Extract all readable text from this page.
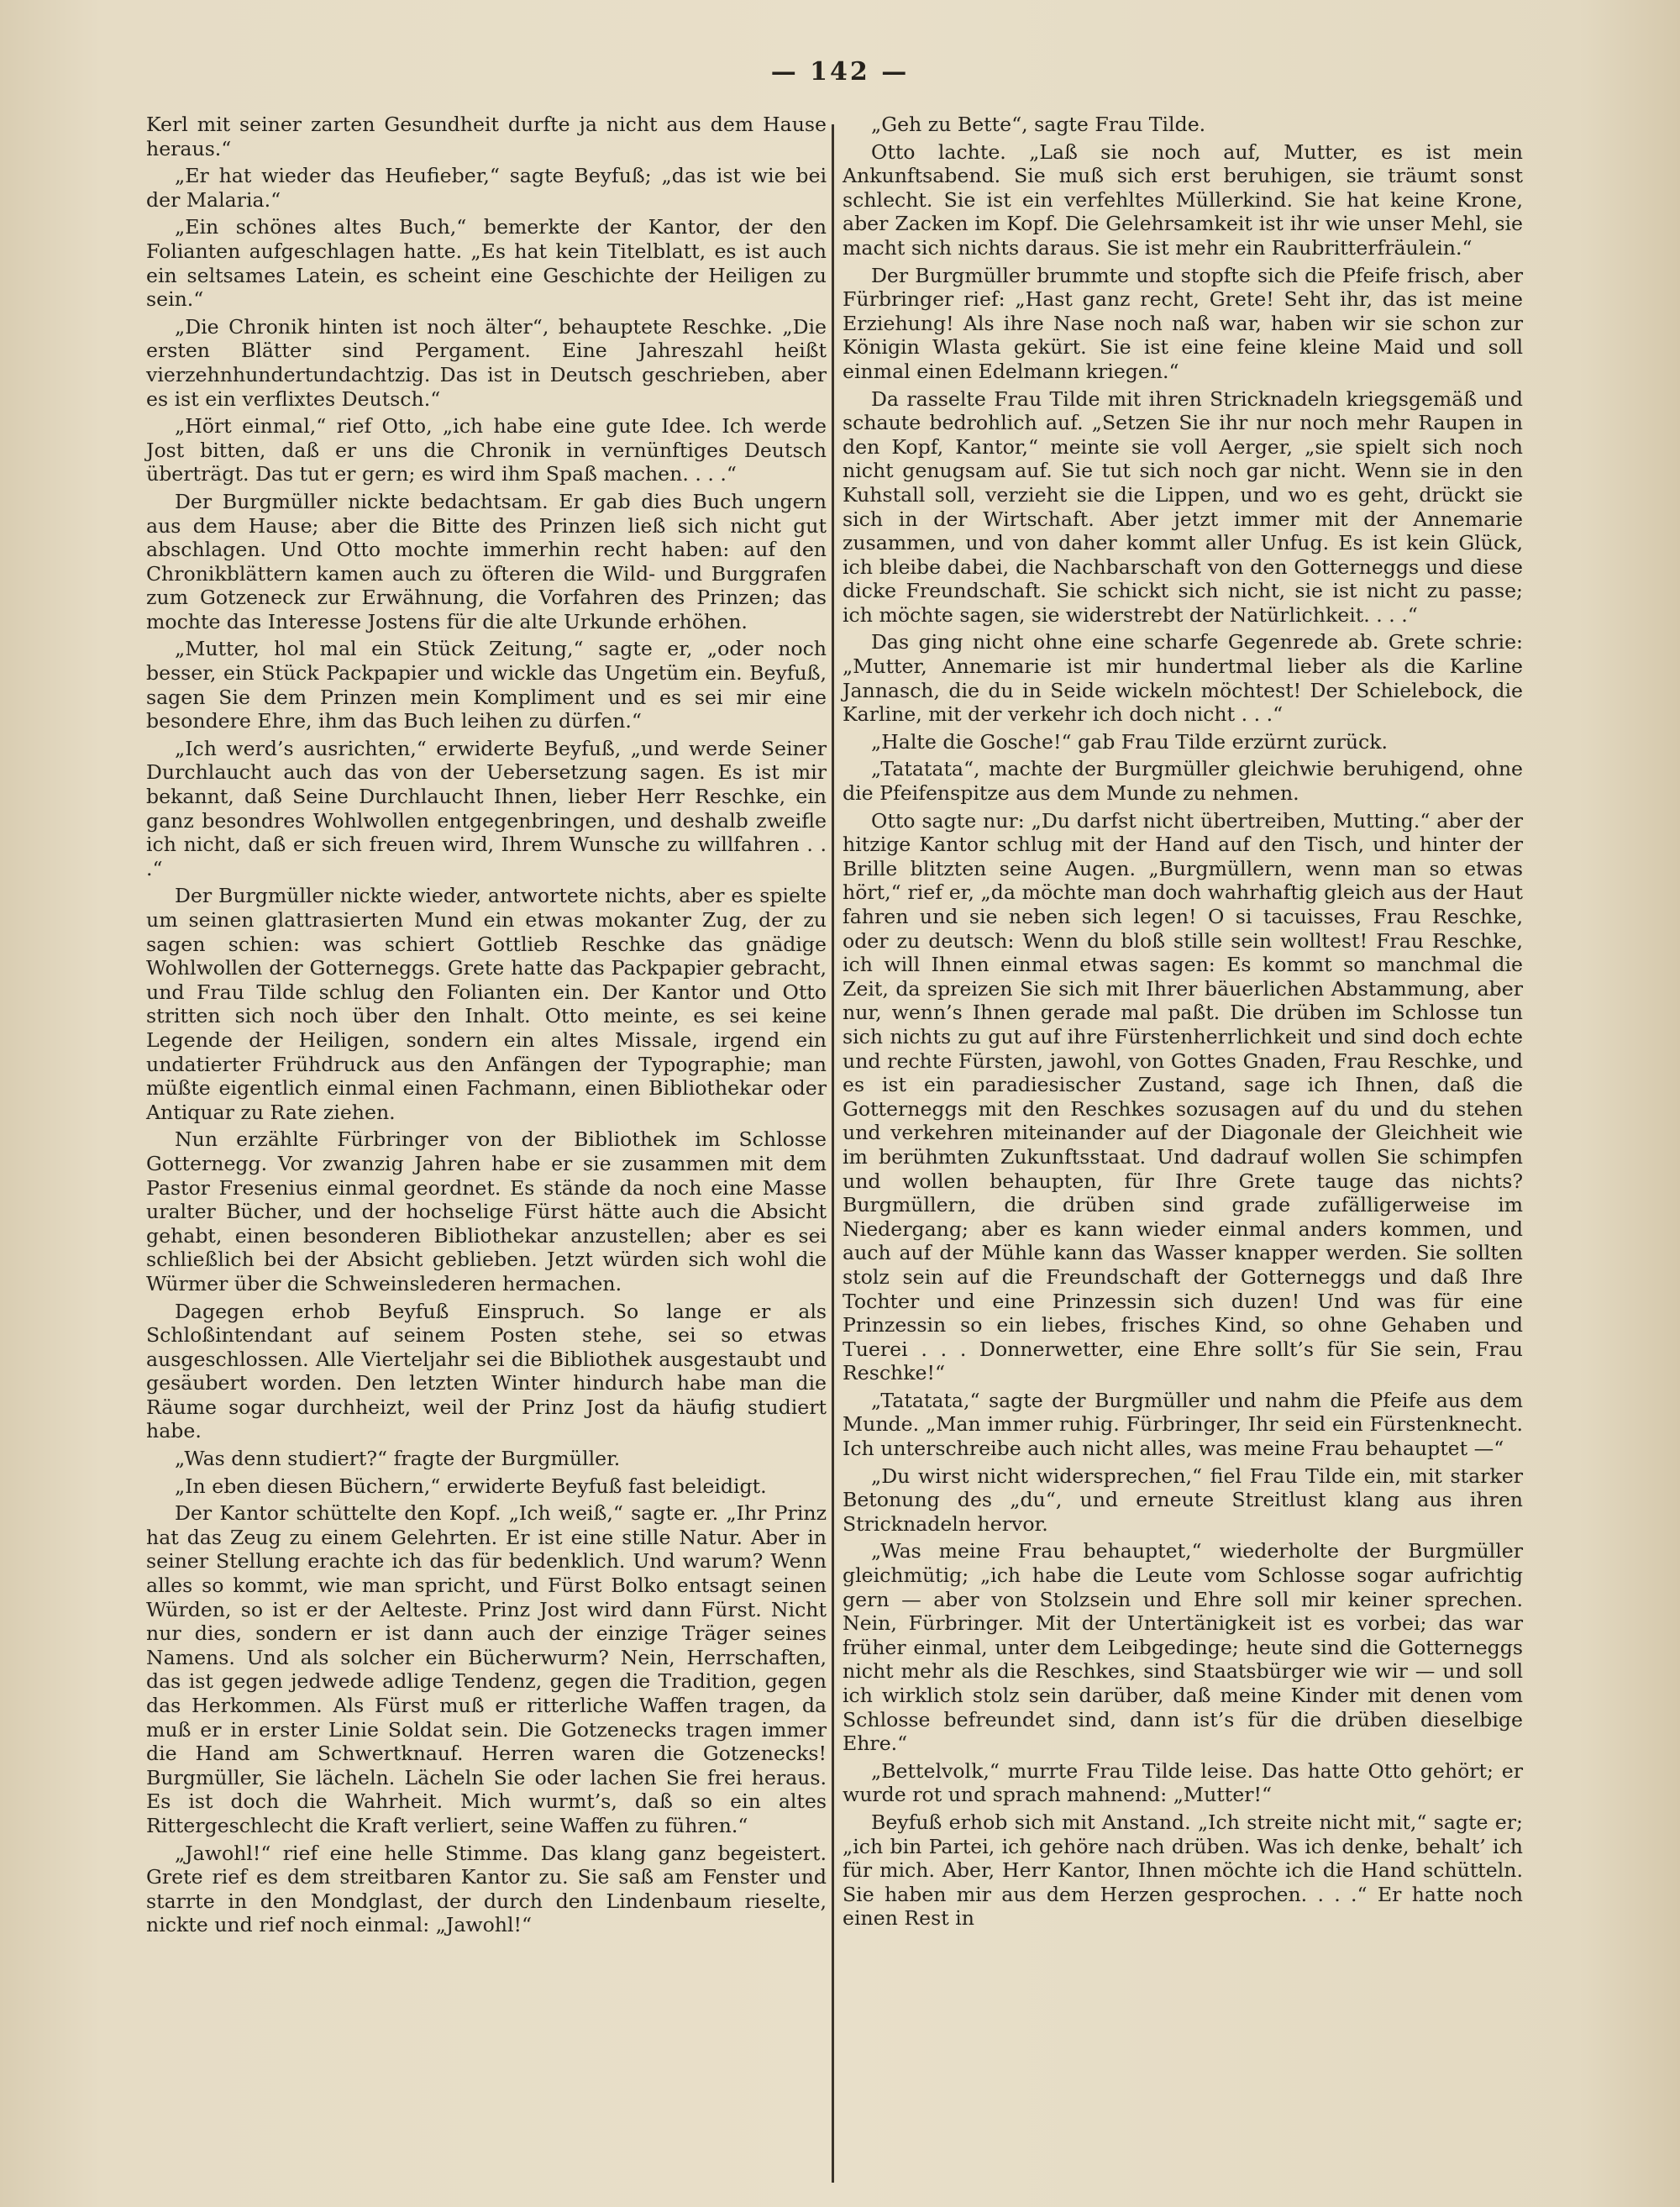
— 142 —

Kerl mit seiner zarten Gesundheit durfte ja nicht aus dem Hause heraus.“

„Er hat wieder das Heufieber,“ sagte Beyfuß; „das ist wie bei der Malaria.“

„Ein schönes altes Buch,“ bemerkte der Kantor, der den Folianten aufgeschlagen hatte. „Es hat kein Titelblatt, es ist auch ein seltsames Latein, es scheint eine Geschichte der Heiligen zu sein.“

„Die Chronik hinten ist noch älter“, behauptete Reschke. „Die ersten Blätter sind Pergament. Eine Jahreszahl heißt vierzehnhundertundachtzig. Das ist in Deutsch geschrieben, aber es ist ein verflixtes Deutsch.“

„Hört einmal,“ rief Otto, „ich habe eine gute Idee. Ich werde Jost bitten, daß er uns die Chronik in vernünftiges Deutsch überträgt. Das tut er gern; es wird ihm Spaß machen. . . .“

Der Burgmüller nickte bedachtsam. Er gab dies Buch ungern aus dem Hause; aber die Bitte des Prinzen ließ sich nicht gut abschlagen. Und Otto mochte immerhin recht haben: auf den Chronikblättern kamen auch zu öfteren die Wild- und Burggrafen zum Gotzeneck zur Erwähnung, die Vorfahren des Prinzen; das mochte das Interesse Jostens für die alte Urkunde erhöhen.

„Mutter, hol mal ein Stück Zeitung,“ sagte er, „oder noch besser, ein Stück Packpapier und wickle das Ungetüm ein. Beyfuß, sagen Sie dem Prinzen mein Kompliment und es sei mir eine besondere Ehre, ihm das Buch leihen zu dürfen.“

„Ich werd’s ausrichten,“ erwiderte Beyfuß, „und werde Seiner Durchlaucht auch das von der Uebersetzung sagen. Es ist mir bekannt, daß Seine Durchlaucht Ihnen, lieber Herr Reschke, ein ganz besondres Wohlwollen entgegenbringen, und deshalb zweifle ich nicht, daß er sich freuen wird, Ihrem Wunsche zu willfahren . . .“

Der Burgmüller nickte wieder, antwortete nichts, aber es spielte um seinen glattrasierten Mund ein etwas mokanter Zug, der zu sagen schien: was schiert Gottlieb Reschke das gnädige Wohlwollen der Gotterneggs. Grete hatte das Packpapier gebracht, und Frau Tilde schlug den Folianten ein. Der Kantor und Otto stritten sich noch über den Inhalt. Otto meinte, es sei keine Legende der Heiligen, sondern ein altes Missale, irgend ein undatierter Frühdruck aus den Anfängen der Typographie; man müßte eigentlich einmal einen Fachmann, einen Bibliothekar oder Antiquar zu Rate ziehen.

Nun erzählte Fürbringer von der Bibliothek im Schlosse Gotternegg. Vor zwanzig Jahren habe er sie zusammen mit dem Pastor Fresenius einmal geordnet. Es stände da noch eine Masse uralter Bücher, und der hochselige Fürst hätte auch die Absicht gehabt, einen besonderen Bibliothekar anzustellen; aber es sei schließlich bei der Absicht geblieben. Jetzt würden sich wohl die Würmer über die Schweinslederen hermachen.

Dagegen erhob Beyfuß Einspruch. So lange er als Schloßintendant auf seinem Posten stehe, sei so etwas ausgeschlossen. Alle Vierteljahr sei die Bibliothek ausgestaubt und gesäubert worden. Den letzten Winter hindurch habe man die Räume sogar durchheizt, weil der Prinz Jost da häufig studiert habe.

„Was denn studiert?“ fragte der Burgmüller.

„In eben diesen Büchern,“ erwiderte Beyfuß fast beleidigt.

Der Kantor schüttelte den Kopf. „Ich weiß,“ sagte er. „Ihr Prinz hat das Zeug zu einem Gelehrten. Er ist eine stille Natur. Aber in seiner Stellung erachte ich das für bedenklich. Und warum? Wenn alles so kommt, wie man spricht, und Fürst Bolko entsagt seinen Würden, so ist er der Aelteste. Prinz Jost wird dann Fürst. Nicht nur dies, sondern er ist dann auch der einzige Träger seines Namens. Und als solcher ein Bücherwurm? Nein, Herrschaften, das ist gegen jedwede adlige Tendenz, gegen die Tradition, gegen das Herkommen. Als Fürst muß er ritterliche Waffen tragen, da muß er in erster Linie Soldat sein. Die Gotzenecks tragen immer die Hand am Schwertknauf. Herren waren die Gotzenecks! Burgmüller, Sie lächeln. Lächeln Sie oder lachen Sie frei heraus. Es ist doch die Wahrheit. Mich wurmt’s, daß so ein altes Rittergeschlecht die Kraft verliert, seine Waffen zu führen.“

„Jawohl!“ rief eine helle Stimme. Das klang ganz begeistert. Grete rief es dem streitbaren Kantor zu. Sie saß am Fenster und starrte in den Mondglast, der durch den Lindenbaum rieselte, nickte und rief noch einmal: „Jawohl!“

„Geh zu Bette“, sagte Frau Tilde.

Otto lachte. „Laß sie noch auf, Mutter, es ist mein Ankunftsabend. Sie muß sich erst beruhigen, sie träumt sonst schlecht. Sie ist ein verfehltes Müllerkind. Sie hat keine Krone, aber Zacken im Kopf. Die Gelehrsamkeit ist ihr wie unser Mehl, sie macht sich nichts daraus. Sie ist mehr ein Raubritterfräulein.“

Der Burgmüller brummte und stopfte sich die Pfeife frisch, aber Fürbringer rief: „Hast ganz recht, Grete! Seht ihr, das ist meine Erziehung! Als ihre Nase noch naß war, haben wir sie schon zur Königin Wlasta gekürt. Sie ist eine feine kleine Maid und soll einmal einen Edelmann kriegen.“

Da rasselte Frau Tilde mit ihren Stricknadeln kriegsgemäß und schaute bedrohlich auf. „Setzen Sie ihr nur noch mehr Raupen in den Kopf, Kantor,“ meinte sie voll Aerger, „sie spielt sich noch nicht genugsam auf. Sie tut sich noch gar nicht. Wenn sie in den Kuhstall soll, verzieht sie die Lippen, und wo es geht, drückt sie sich in der Wirtschaft. Aber jetzt immer mit der Annemarie zusammen, und von daher kommt aller Unfug. Es ist kein Glück, ich bleibe dabei, die Nachbarschaft von den Gotterneggs und diese dicke Freundschaft. Sie schickt sich nicht, sie ist nicht zu passe; ich möchte sagen, sie widerstrebt der Natürlichkeit. . . .“

Das ging nicht ohne eine scharfe Gegenrede ab. Grete schrie: „Mutter, Annemarie ist mir hundertmal lieber als die Karline Jannasch, die du in Seide wickeln möchtest! Der Schielebock, die Karline, mit der verkehr ich doch nicht . . .“

„Halte die Gosche!“ gab Frau Tilde erzürnt zurück.

„Tatatata“, machte der Burgmüller gleichwie beruhigend, ohne die Pfeifenspitze aus dem Munde zu nehmen.

Otto sagte nur: „Du darfst nicht übertreiben, Mutting.“ aber der hitzige Kantor schlug mit der Hand auf den Tisch, und hinter der Brille blitzten seine Augen. „Burgmüllern, wenn man so etwas hört,“ rief er, „da möchte man doch wahrhaftig gleich aus der Haut fahren und sie neben sich legen! O si tacuisses, Frau Reschke, oder zu deutsch: Wenn du bloß stille sein wolltest! Frau Reschke, ich will Ihnen einmal etwas sagen: Es kommt so manchmal die Zeit, da spreizen Sie sich mit Ihrer bäuerlichen Abstammung, aber nur, wenn’s Ihnen gerade mal paßt. Die drüben im Schlosse tun sich nichts zu gut auf ihre Fürstenherrlichkeit und sind doch echte und rechte Fürsten, jawohl, von Gottes Gnaden, Frau Reschke, und es ist ein paradiesischer Zustand, sage ich Ihnen, daß die Gotterneggs mit den Reschkes sozusagen auf du und du stehen und verkehren miteinander auf der Diagonale der Gleichheit wie im berühmten Zukunftsstaat. Und dadrauf wollen Sie schimpfen und wollen behaupten, für Ihre Grete tauge das nichts? Burgmüllern, die drüben sind grade zufälligerweise im Niedergang; aber es kann wieder einmal anders kommen, und auch auf der Mühle kann das Wasser knapper werden. Sie sollten stolz sein auf die Freundschaft der Gotterneggs und daß Ihre Tochter und eine Prinzessin sich duzen! Und was für eine Prinzessin so ein liebes, frisches Kind, so ohne Gehaben und Tuerei . . . Donnerwetter, eine Ehre sollt’s für Sie sein, Frau Reschke!“

„Tatatata,“ sagte der Burgmüller und nahm die Pfeife aus dem Munde. „Man immer ruhig. Fürbringer, Ihr seid ein Fürstenknecht. Ich unterschreibe auch nicht alles, was meine Frau behauptet —“

„Du wirst nicht widersprechen,“ fiel Frau Tilde ein, mit starker Betonung des „du“, und erneute Streitlust klang aus ihren Stricknadeln hervor.

„Was meine Frau behauptet,“ wiederholte der Burgmüller gleichmütig; „ich habe die Leute vom Schlosse sogar aufrichtig gern — aber von Stolzsein und Ehre soll mir keiner sprechen. Nein, Fürbringer. Mit der Untertänigkeit ist es vorbei; das war früher einmal, unter dem Leibgedinge; heute sind die Gotterneggs nicht mehr als die Reschkes, sind Staatsbürger wie wir — und soll ich wirklich stolz sein darüber, daß meine Kinder mit denen vom Schlosse befreundet sind, dann ist’s für die drüben dieselbige Ehre.“

„Bettelvolk,“ murrte Frau Tilde leise. Das hatte Otto gehört; er wurde rot und sprach mahnend: „Mutter!“

Beyfuß erhob sich mit Anstand. „Ich streite nicht mit,“ sagte er; „ich bin Partei, ich gehöre nach drüben. Was ich denke, behalt’ ich für mich. Aber, Herr Kantor, Ihnen möchte ich die Hand schütteln. Sie haben mir aus dem Herzen gesprochen. . . .“ Er hatte noch einen Rest in
